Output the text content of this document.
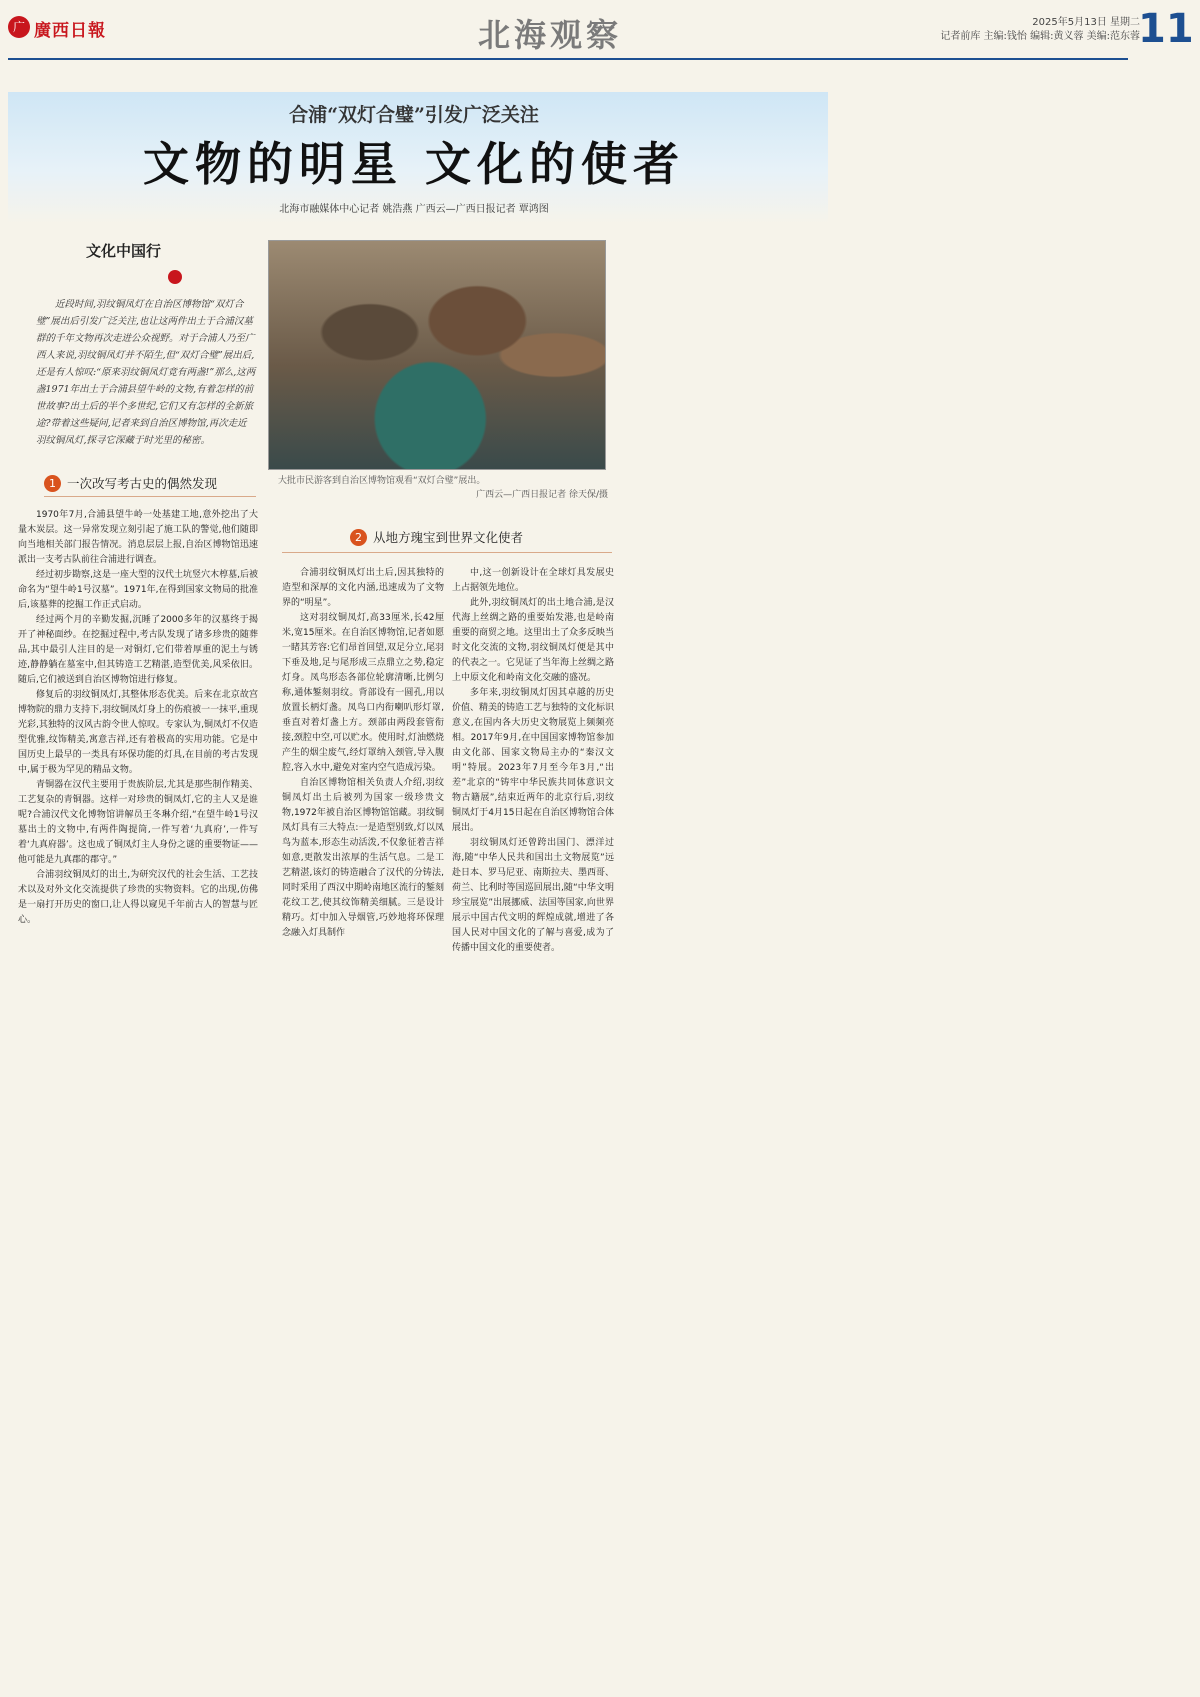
广 廣西日報	北海观察	2025年5月13日 星期二
记者前库 主编:钱怡 编辑:黄义蓉 美编:范东蓉
11
合浦“双灯合璧”引发广泛关注
文物的明星 文化的使者
北海市融媒体中心记者 姚浩燕 广西云—广西日报记者 覃鸿图
文化中国行
近段时间,羽纹铜凤灯在自治区博物馆“双灯合璧”展出后引发广泛关注,也让这两件出土于合浦汉墓群的千年文物再次走进公众视野。对于合浦人乃至广西人来说,羽纹铜凤灯并不陌生,但“双灯合璧”展出后,还是有人惊叹:“原来羽纹铜凤灯竟有两盏!”那么,这两盏1971年出土于合浦县望牛岭的文物,有着怎样的前世故事?出土后的半个多世纪,它们又有怎样的全新旅途?带着这些疑问,记者来到自治区博物馆,再次走近羽纹铜凤灯,探寻它深藏于时光里的秘密。
大批市民游客到自治区博物馆观看“双灯合璧”展出。
广西云—广西日报记者 徐天保/摄
1 一次改写考古史的偶然发现

1970年7月,合浦县望牛岭一处基建工地,意外挖出了大量木炭层。这一异常发现立刻引起了施工队的警觉,他们随即向当地相关部门报告情况。消息层层上报,自治区博物馆迅速派出一支考古队前往合浦进行调查。

经过初步勘察,这是一座大型的汉代土坑竖穴木椁墓,后被命名为“望牛岭1号汉墓”。1971年,在得到国家文物局的批准后,该墓葬的挖掘工作正式启动。

经过两个月的辛勤发掘,沉睡了2000多年的汉墓终于揭开了神秘面纱。在挖掘过程中,考古队发现了诸多珍贵的随葬品,其中最引人注目的是一对铜灯,它们带着厚重的泥土与锈迹,静静躺在墓室中,但其铸造工艺精湛,造型优美,风采依旧。随后,它们被送到自治区博物馆进行修复。

修复后的羽纹铜凤灯,其整体形态优美。后来在北京故宫博物院的鼎力支持下,羽纹铜凤灯身上的伤痕被一一抹平,重现光彩,其独特的汉风古韵令世人惊叹。专家认为,铜凤灯不仅造型优雅,纹饰精美,寓意吉祥,还有着极高的实用功能。它是中国历史上最早的一类具有环保功能的灯具,在目前的考古发现中,属于极为罕见的精品文物。

青铜器在汉代主要用于贵族阶层,尤其是那些制作精美、工艺复杂的青铜器。这样一对珍贵的铜凤灯,它的主人又是谁呢?合浦汉代文化博物馆讲解员王冬琳介绍,“在望牛岭1号汉墓出土的文物中,有两件陶提筒,一件写着‘九真府’,一件写着‘九真府器’。这也成了铜凤灯主人身份之谜的重要物证——他可能是九真郡的郡守。”

合浦羽纹铜凤灯的出土,为研究汉代的社会生活、工艺技术以及对外文化交流提供了珍贵的实物资料。它的出现,仿佛是一扇打开历史的窗口,让人得以窥见千年前古人的智慧与匠心。

2 从地方瑰宝到世界文化使者

合浦羽纹铜凤灯出土后,因其独特的造型和深厚的文化内涵,迅速成为了文物界的“明星”。

这对羽纹铜凤灯,高33厘米,长42厘米,宽15厘米。在自治区博物馆,记者如愿一睹其芳容:它们昂首回望,双足分立,尾羽下垂及地,足与尾形成三点鼎立之势,稳定灯身。凤鸟形态各部位轮廓清晰,比例匀称,通体錾刻羽纹。背部设有一圆孔,用以放置长柄灯盏。凤鸟口内衔喇叭形灯罩,垂直对着灯盏上方。颈部由两段套管衔接,颈腔中空,可以贮水。使用时,灯油燃烧产生的烟尘废气,经灯罩纳入颈管,导入腹腔,容入水中,避免对室内空气造成污染。

自治区博物馆相关负责人介绍,羽纹铜凤灯出土后被列为国家一级珍贵文物,1972年被自治区博物馆馆藏。羽纹铜凤灯具有三大特点:一是造型别致,灯以凤鸟为蓝本,形态生动活泼,不仅象征着吉祥如意,更散发出浓厚的生活气息。二是工艺精湛,该灯的铸造融合了汉代的分铸法,同时采用了西汉中期岭南地区流行的錾刻花纹工艺,使其纹饰精美细腻。三是设计精巧。灯中加入导烟管,巧妙地将环保理念融入灯具制作

中,这一创新设计在全球灯具发展史上占据领先地位。

此外,羽纹铜凤灯的出土地合浦,是汉代海上丝绸之路的重要始发港,也是岭南重要的商贸之地。这里出土了众多反映当时文化交流的文物,羽纹铜凤灯便是其中的代表之一。它见证了当年海上丝绸之路上中原文化和岭南文化交融的盛况。

多年来,羽纹铜凤灯因其卓越的历史价值、精美的铸造工艺与独特的文化标识意义,在国内各大历史文物展览上频频亮相。2017年9月,在中国国家博物馆参加由文化部、国家文物局主办的“秦汉文明”特展。2023年7月至今年3月,“出差”北京的“铸牢中华民族共同体意识文物古籍展”,结束近两年的北京行后,羽纹铜凤灯于4月15日起在自治区博物馆合体展出。

羽纹铜凤灯还曾跨出国门、漂洋过海,随“中华人民共和国出土文物展览”远赴日本、罗马尼亚、南斯拉夫、墨西哥、荷兰、比利时等国巡回展出,随“中华文明珍宝展览”出展挪威、法国等国家,向世界展示中国古代文明的辉煌成就,增进了各国人民对中国文化的了解与喜爱,成为了传播中国文化的重要使者。
